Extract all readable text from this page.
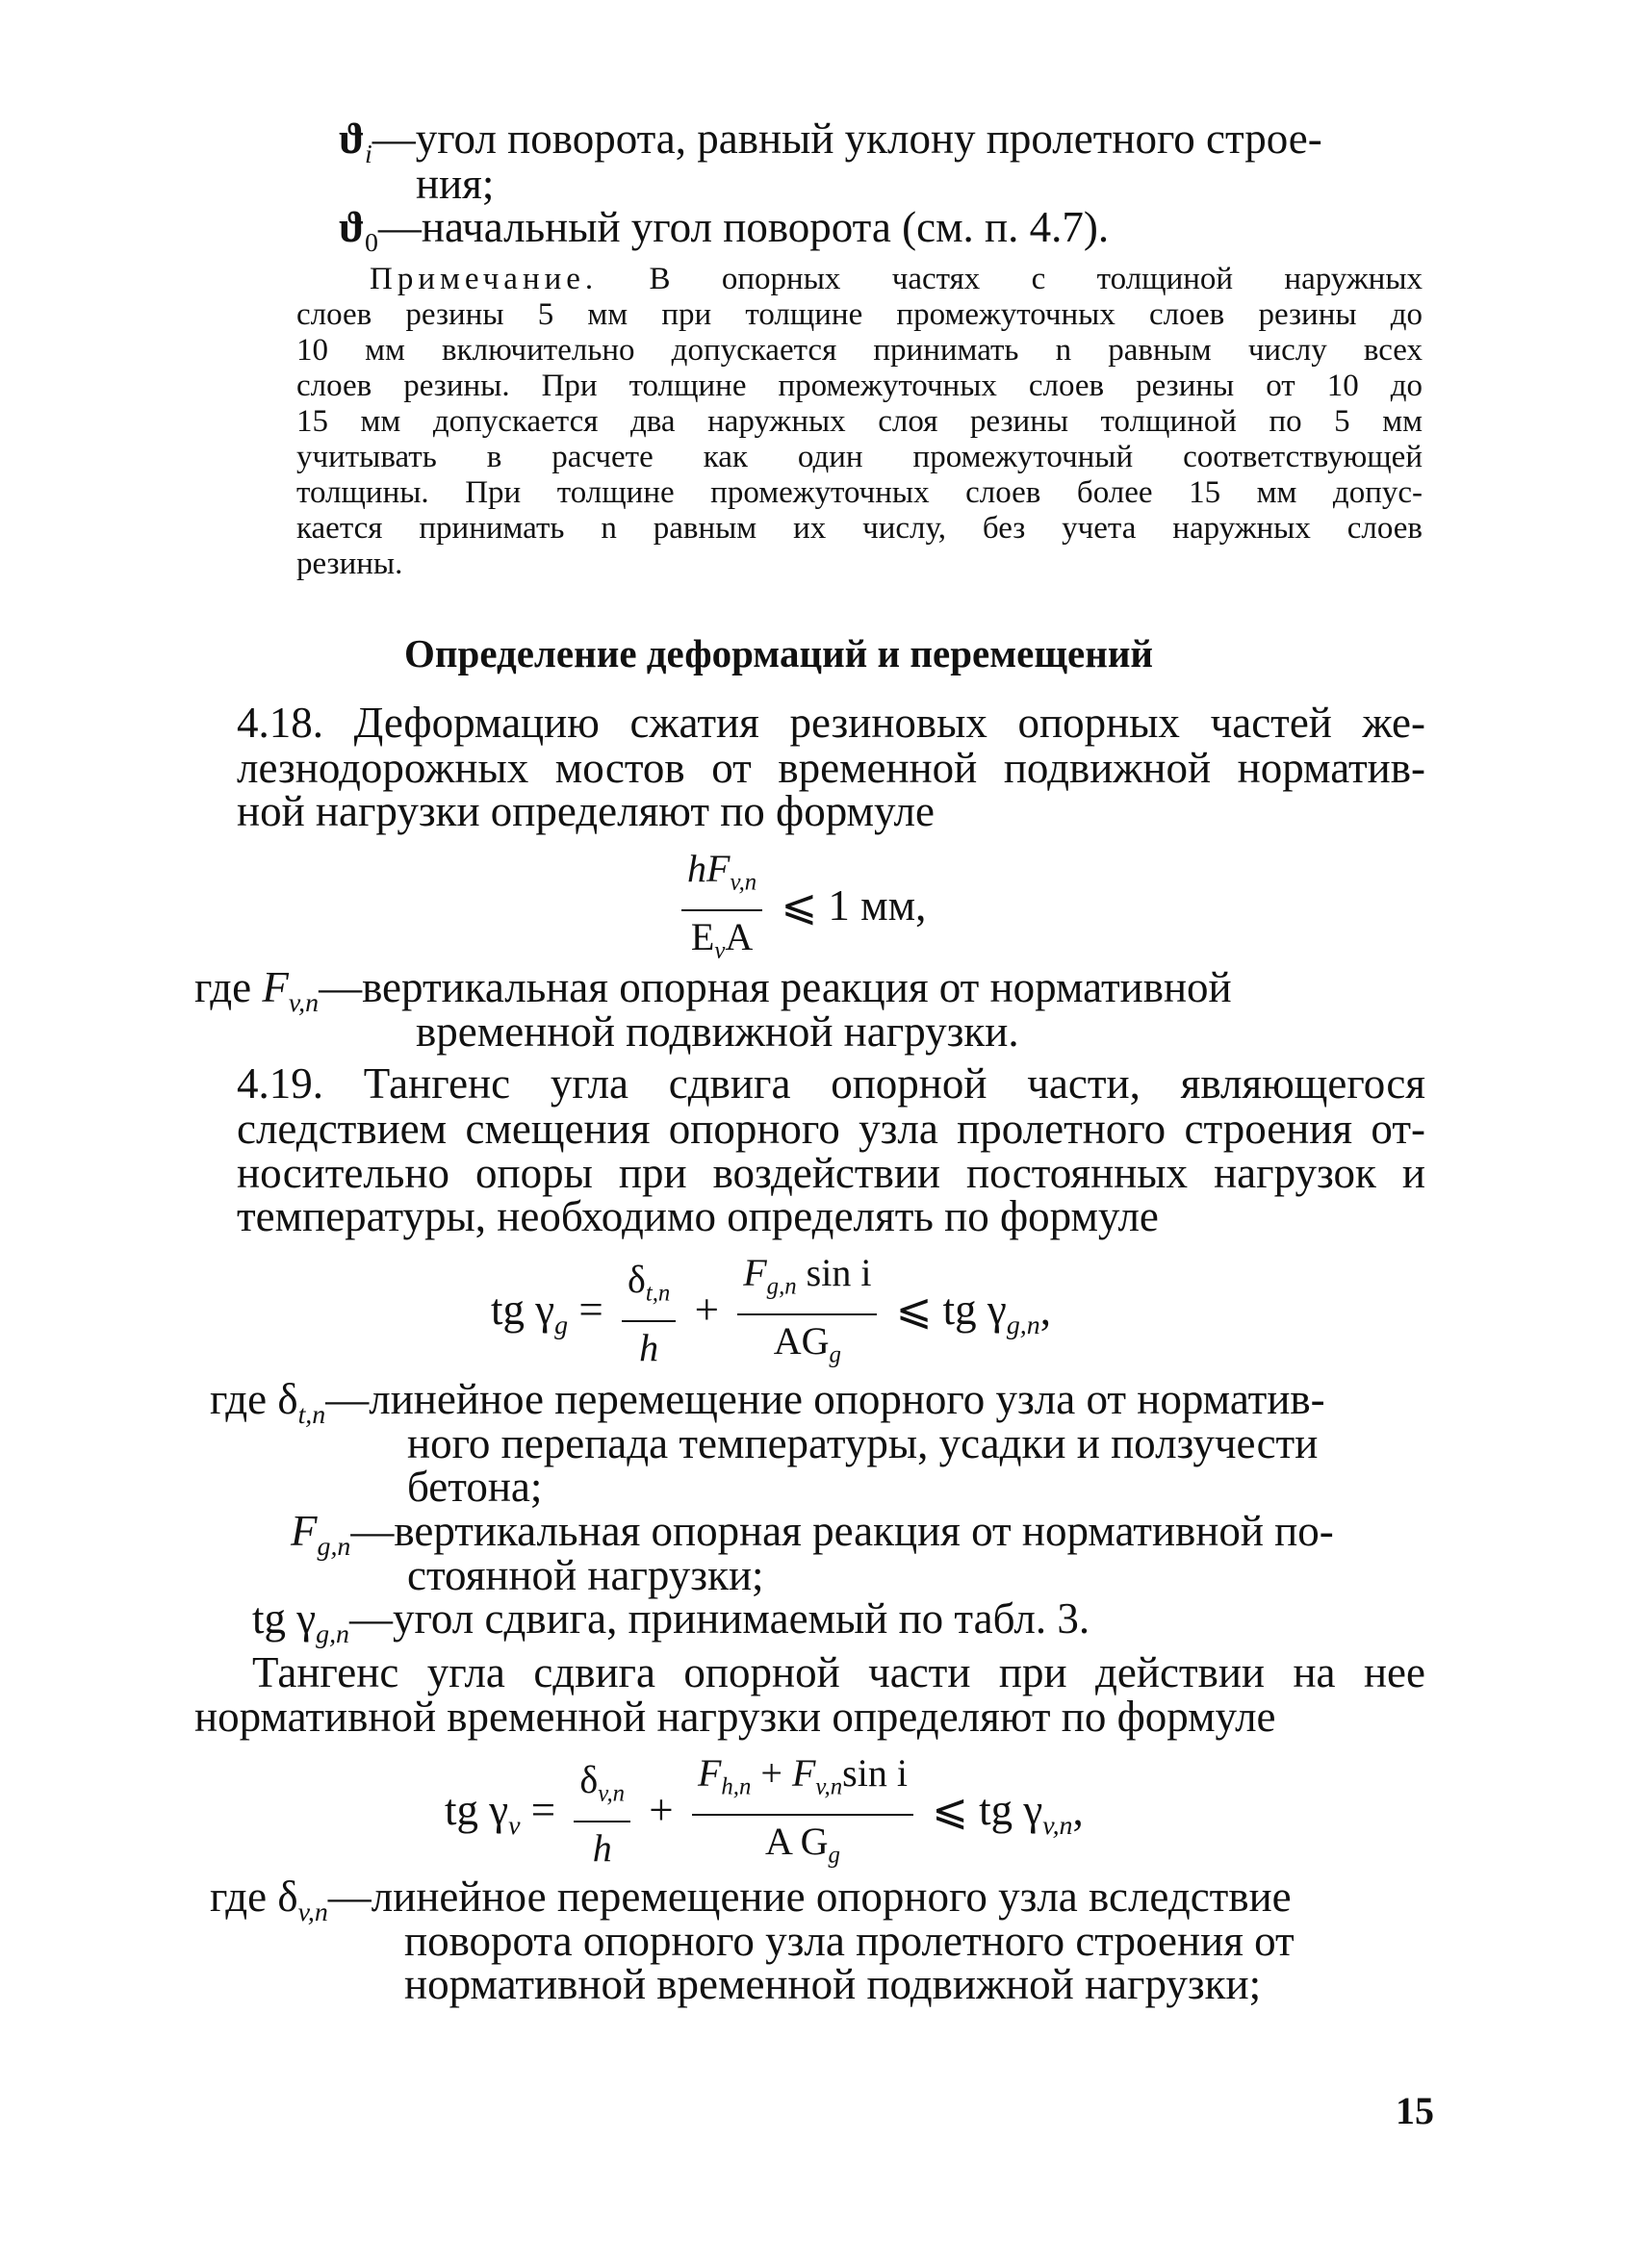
$ϑ_i—угол$ поворота, равный уклону пролетного строе-
ния;
$ϑ_0—начальный$ угол поворота (см. п. 4.7).
Примечание. В опорных частях с толщиной наружных
слоев резины 5 мм при толщине промежуточных слоев резины до
10 мм включительно допускается принимать n равным числу всех
слоев резины. При толщине промежуточных слоев резины от 10 до
15 мм допускается два наружных слоя резины толщиной по 5 мм
учитывать в расчете как один промежуточный соответствующей
толщины. При толщине промежуточных слоев более 15 мм допус-
кается принимать n равным их числу, без учета наружных слоев
резины.
Определение деформаций и перемещений
4.18. Деформацию сжатия резиновых опорных частей же-
лезнодорожных мостов от временной подвижной норматив-
ной нагрузки определяют по формуле
$\frac{hF_{v,n}}{E_vA}$ ⩽ 1 мм,
где $F_{v,n}—вертикальная$ опорная реакция от нормативной
временной подвижной нагрузки.
4.19. Тангенс угла сдвига опорной части, являющегося
следствием смещения опорного узла пролетного строения от-
носительно опоры при воздействии постоянных нагрузок и
температуры, необходимо определять по формуле
tg $\gamma_g = \frac{\delta_{t,n}}{h} + \frac{F_{g,n} \sin i}{AG_g}$ ⩽ tg $\gamma_{g,n}$,
где $\delta_{t,n}—линейное$ перемещение опорного узла от норматив-
ного перепада температуры, усадки и ползучести
бетона;
$F_{g,n}—вертикальная$ опорная реакция от нормативной по-
стоянной нагрузки;
tg $\gamma_{g,n}—угол$ сдвига, принимаемый по табл. 3.
Тангенс угла сдвига опорной части при действии на нее
нормативной временной нагрузки определяют по формуле
tg $\gamma_v = \frac{\delta_{v,n}}{h} + \frac{F_{h,n} + F_{v,n}\sin i}{A G_g}$ ⩽ tg $\gamma_{v,n}$,
где $\delta_{v,n}—линейное$ перемещение опорного узла вследствие
поворота опорного узла пролетного строения от
нормативной временной подвижной нагрузки;
15
